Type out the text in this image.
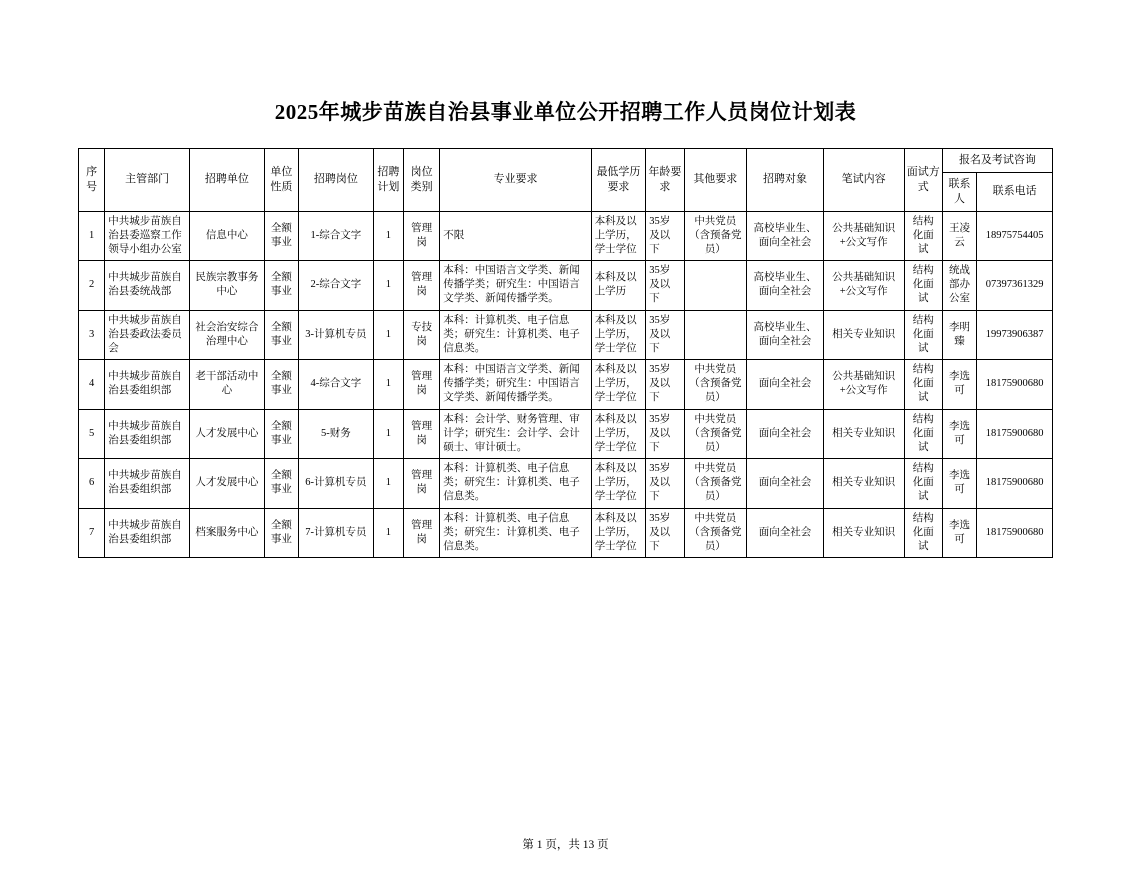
2025年城步苗族自治县事业单位公开招聘工作人员岗位计划表
序号	主管部门	招聘单位	单位性质	招聘岗位	招聘计划	岗位类别	专业要求	最低学历要求	年龄要求	其他要求	招聘对象	笔试内容	面试方式	报名及考试咨询	
														联系人	联系电话
1	中共城步苗族自治县委巡察工作领导小组办公室	信息中心	全额事业	1-综合文字	1	管理岗	不限	本科及以上学历，学士学位	35岁及以下	中共党员（含预备党员）	高校毕业生、面向全社会	公共基础知识+公文写作	结构化面试	王凌云	18975754405
2	中共城步苗族自治县委统战部	民族宗教事务中心	全额事业	2-综合文字	1	管理岗	本科：中国语言文学类、新闻传播学类；研究生：中国语言文学类、新闻传播学类。	本科及以上学历	35岁及以下		高校毕业生、面向全社会	公共基础知识+公文写作	结构化面试	统战部办公室	07397361329
3	中共城步苗族自治县委政法委员会	社会治安综合治理中心	全额事业	3-计算机专员	1	专技岗	本科：计算机类、电子信息类；研究生：计算机类、电子信息类。	本科及以上学历，学士学位	35岁及以下		高校毕业生、面向全社会	相关专业知识	结构化面试	李明臻	19973906387
4	中共城步苗族自治县委组织部	老干部活动中心	全额事业	4-综合文字	1	管理岗	本科：中国语言文学类、新闻传播学类；研究生：中国语言文学类、新闻传播学类。	本科及以上学历，学士学位	35岁及以下	中共党员（含预备党员）	面向全社会	公共基础知识+公文写作	结构化面试	李选可	18175900680
5	中共城步苗族自治县委组织部	人才发展中心	全额事业	5-财务	1	管理岗	本科：会计学、财务管理、审计学；研究生：会计学、会计硕士、审计硕士。	本科及以上学历，学士学位	35岁及以下	中共党员（含预备党员）	面向全社会	相关专业知识	结构化面试	李选可	18175900680
6	中共城步苗族自治县委组织部	人才发展中心	全额事业	6-计算机专员	1	管理岗	本科：计算机类、电子信息类；研究生：计算机类、电子信息类。	本科及以上学历，学士学位	35岁及以下	中共党员（含预备党员）	面向全社会	相关专业知识	结构化面试	李选可	18175900680
7	中共城步苗族自治县委组织部	档案服务中心	全额事业	7-计算机专员	1	管理岗	本科：计算机类、电子信息类；研究生：计算机类、电子信息类。	本科及以上学历，学士学位	35岁及以下	中共党员（含预备党员）	面向全社会	相关专业知识	结构化面试	李选可	18175900680
第 1 页，共 13 页
